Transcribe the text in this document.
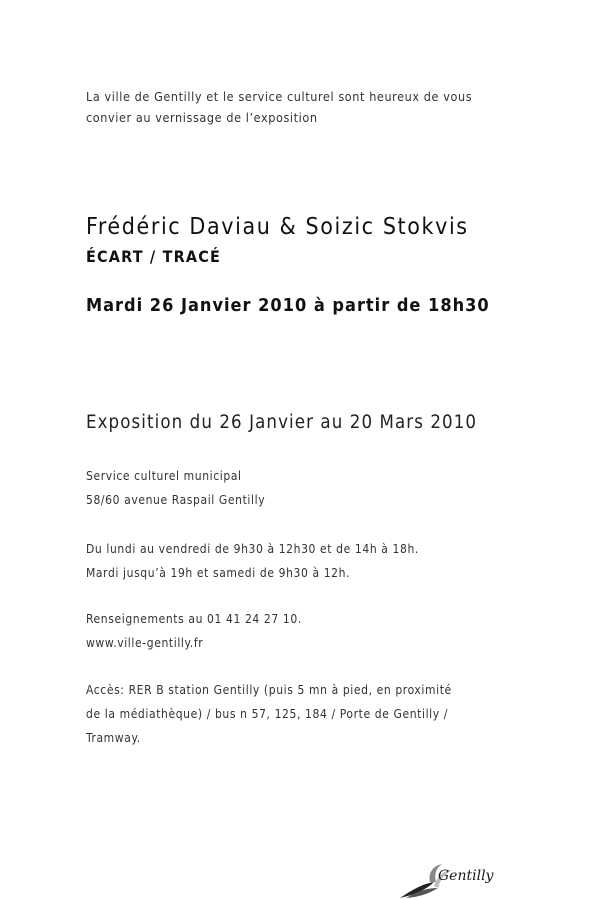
La ville de Gentilly et le service culturel sont heureux de vous
convier au vernissage de l’exposition

Frédéric Daviau & Soizic Stokvis
ÉCART / TRACÉ

Mardi 26 Janvier 2010 à partir de 18h30

Exposition du 26 Janvier au 20 Mars 2010

Service culturel municipal
58/60 avenue Raspail Gentilly

Du lundi au vendredi de 9h30 à 12h30 et de 14h à 18h.
Mardi jusqu’à 19h et samedi de 9h30 à 12h.

Renseignements au 01 41 24 27 10.
www.ville-gentilly.fr

Accès: RER B station Gentilly (puis 5 mn à pied, en proximité
de la médiathèque) / bus n 57, 125, 184 / Porte de Gentilly /
Tramway.

Gentilly
